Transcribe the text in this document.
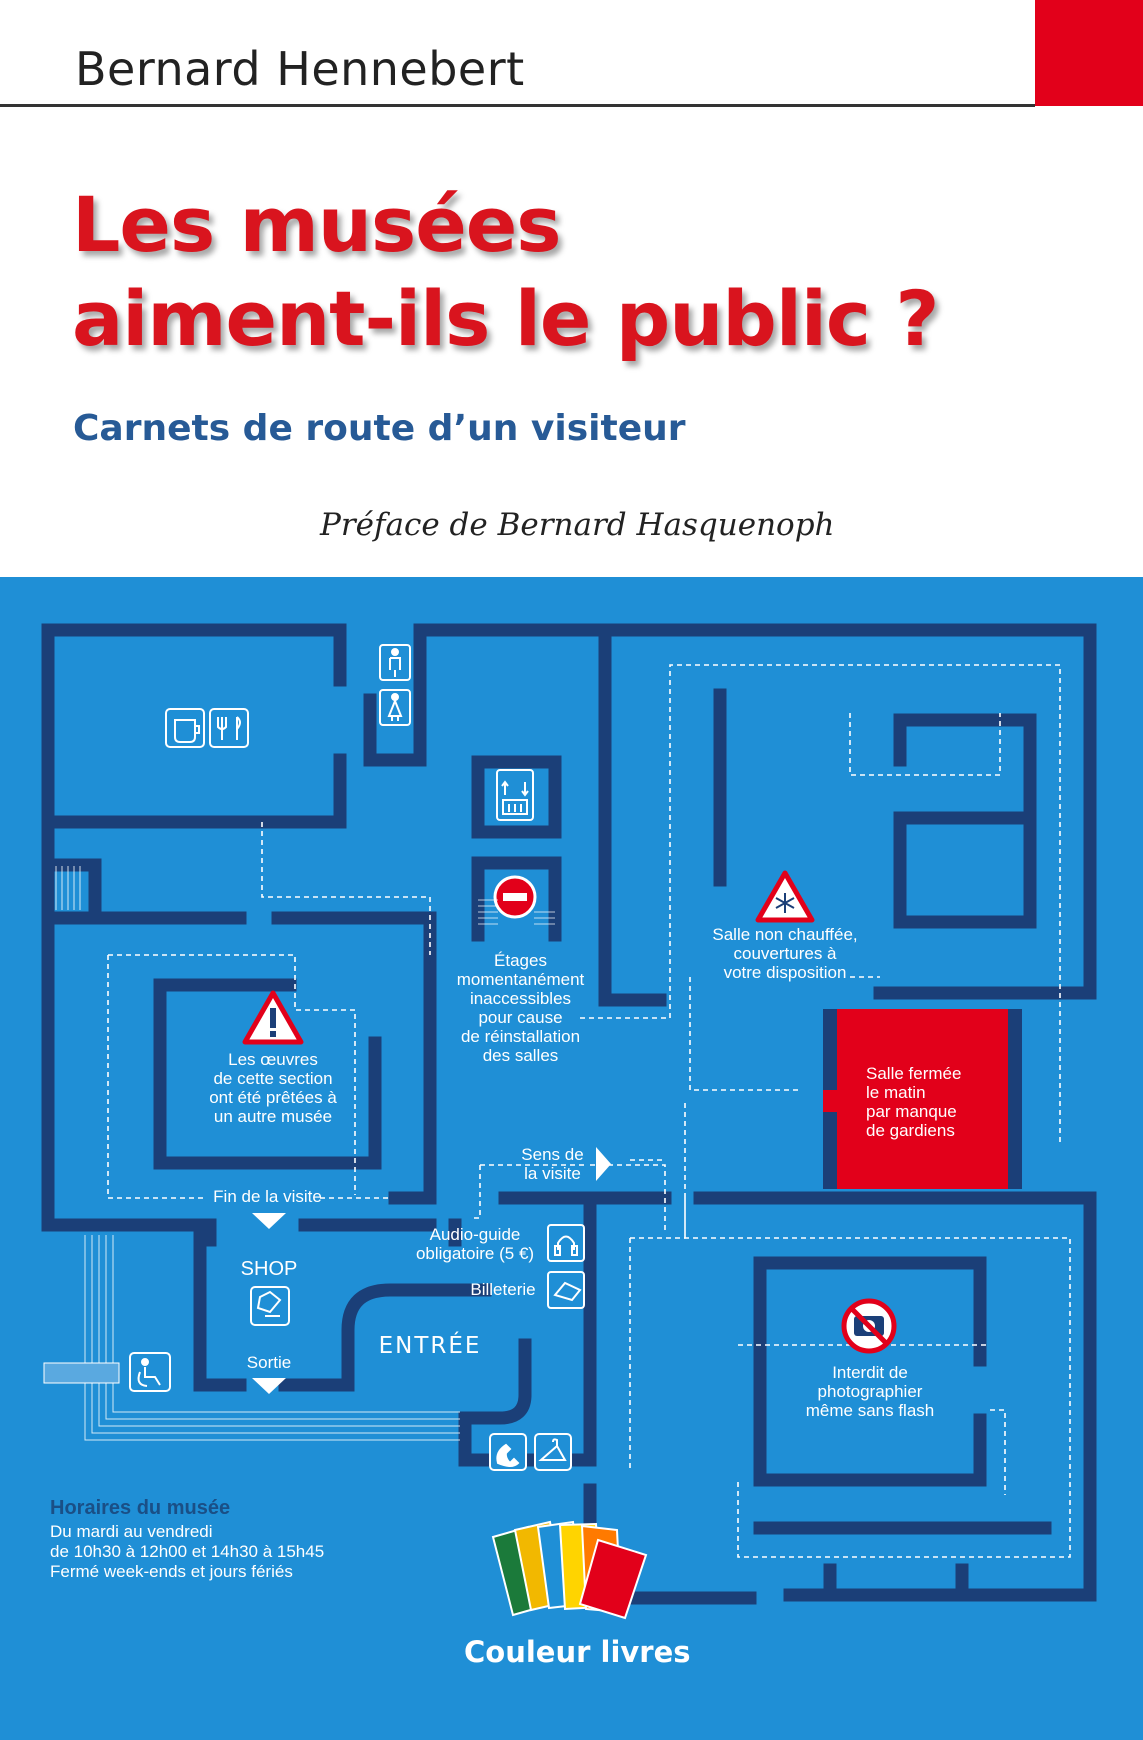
Bernard Hennebert
Les musées
aiment-ils le public ?
Carnets de route d’un visiteur
Préface de Bernard Hasquenoph
Étages
momentanément
inaccessibles
pour cause
de réinstallation
des salles
Salle non chauffée,
couvertures à
votre disposition
Les œuvres
de cette section
ont été prêtées à
un autre musée
Salle fermée
le matin
par manque
de gardiens
Sens de
la visite
Fin de la visite
Audio-guide
obligatoire (5 €)
Billeterie
SHOP
Sortie
ENTRÉE
Interdit de
photographier
même sans flash
Horaires du musée
Du mardi au vendredi
de 10h30 à 12h00 et 14h30 à 15h45
Fermé week-ends et jours fériés
Couleur livres
